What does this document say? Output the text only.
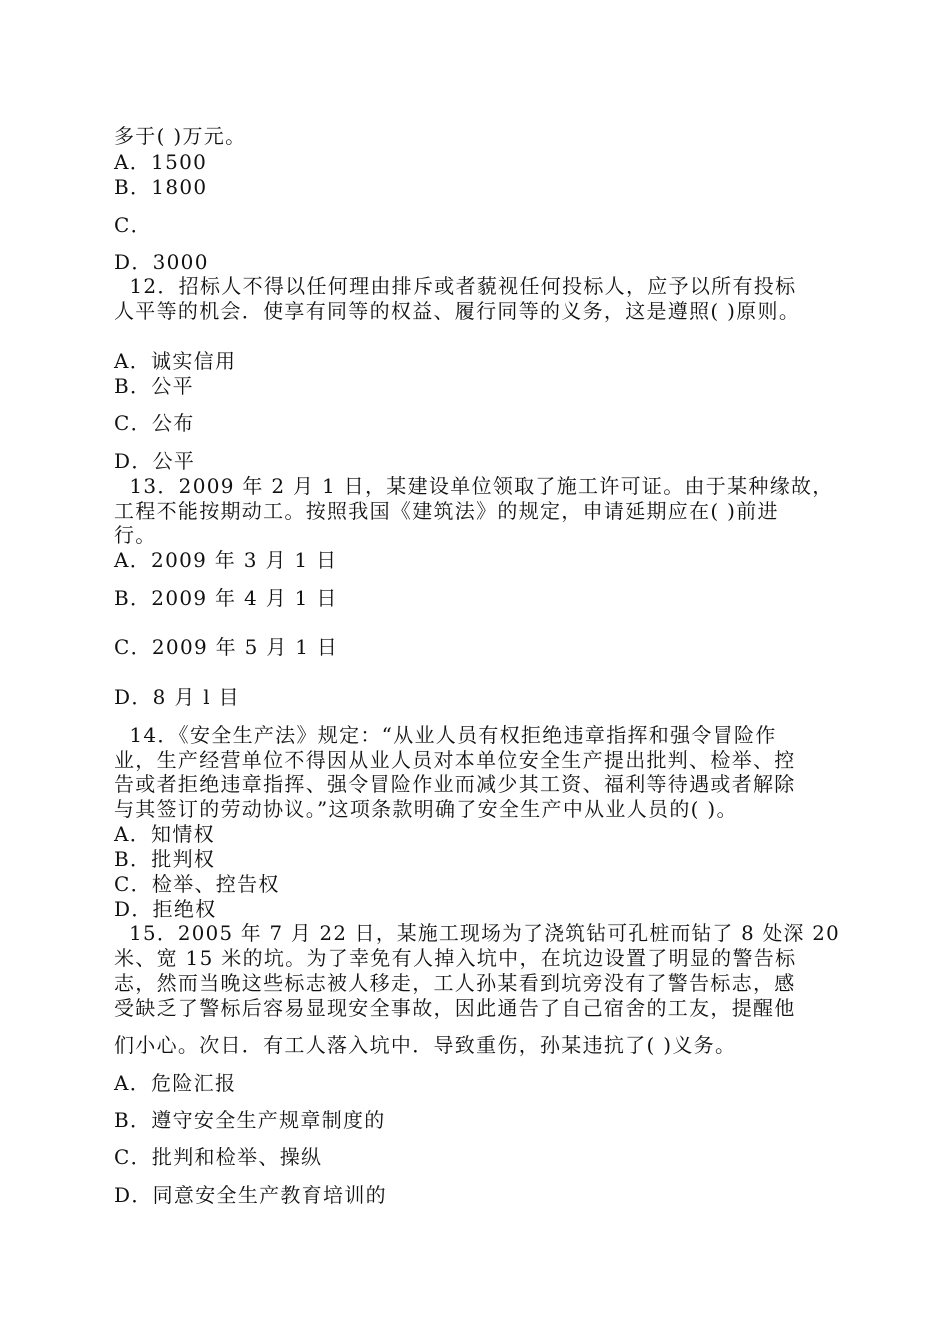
多于( )万元。
A．1500
B．1800
C．
D．3000
12．招标人不得以任何理由排斥或者藐视任何投标人，应予以所有投标
人平等的机会．使享有同等的权益、履行同等的义务，这是遵照( )原则。
A．诚实信用
B．公平
C．公布
D．公平
13．2009 年 2 月 1 日，某建设单位领取了施工许可证。由于某种缘故，
工程不能按期动工。按照我国《建筑法》的规定，申请延期应在( )前进
行。
A．2009 年 3 月 1 日
B．2009 年 4 月 1 日
C．2009 年 5 月 1 日
D．8 月 l 目
14．《安全生产法》规定：“从业人员有权拒绝违章指挥和强令冒险作
业，生产经营单位不得因从业人员对本单位安全生产提出批判、检举、控
告或者拒绝违章指挥、强令冒险作业而减少其工资、福利等待遇或者解除
与其签订的劳动协议。”这项条款明确了安全生产中从业人员的( )。
A．知情权
B．批判权
C．检举、控告权
D．拒绝权
15．2005 年 7 月 22 日，某施工现场为了浇筑钻可孔桩而钻了 8 处深 20
米、宽 15 米的坑。为了幸免有人掉入坑中，在坑边设置了明显的警告标
志，然而当晚这些标志被人移走，工人孙某看到坑旁没有了警告标志，感
受缺乏了警标后容易显现安全事故，因此通告了自己宿舍的工友，提醒他
们小心。次日．有工人落入坑中．导致重伤，孙某违抗了( )义务。
A．危险汇报
B．遵守安全生产规章制度的
C．批判和检举、操纵
D．同意安全生产教育培训的
